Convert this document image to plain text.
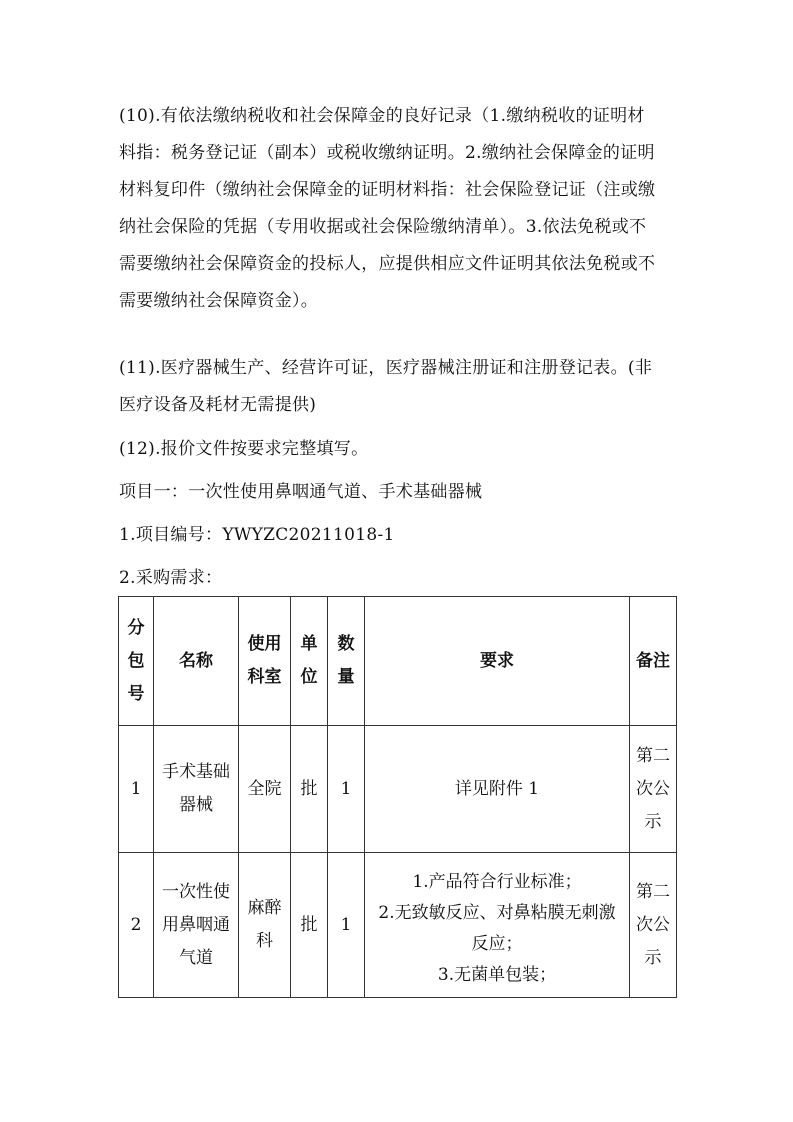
(10).有依法缴纳税收和社会保障金的良好记录（1.缴纳税收的证明材
料指：税务登记证（副本）或税收缴纳证明。2.缴纳社会保障金的证明
材料复印件（缴纳社会保障金的证明材料指：社会保险登记证（注或缴
纳社会保险的凭据（专用收据或社会保险缴纳清单）。3.依法免税或不
需要缴纳社会保障资金的投标人，应提供相应文件证明其依法免税或不
需要缴纳社会保障资金）。

(11).医疗器械生产、经营许可证，医疗器械注册证和注册登记表。(非
医疗设备及耗材无需提供)

(12).报价文件按要求完整填写。

项目一：一次性使用鼻咽通气道、手术基础器械

1.项目编号：YWYZC20211018-1

2.采购需求：

分
包
号	名称	使用
科室	单
位	数
量	要求	备注
1	手术基础
器械	全院	批	1	详见附件 1	第二
次公
示

2	一次性使
用鼻咽通
气道	麻醉
科	批	1	1.产品符合行业标准；
2.无致敏反应、对鼻粘膜无刺激
反应；
3.无菌单包装；	第二
次公
示
